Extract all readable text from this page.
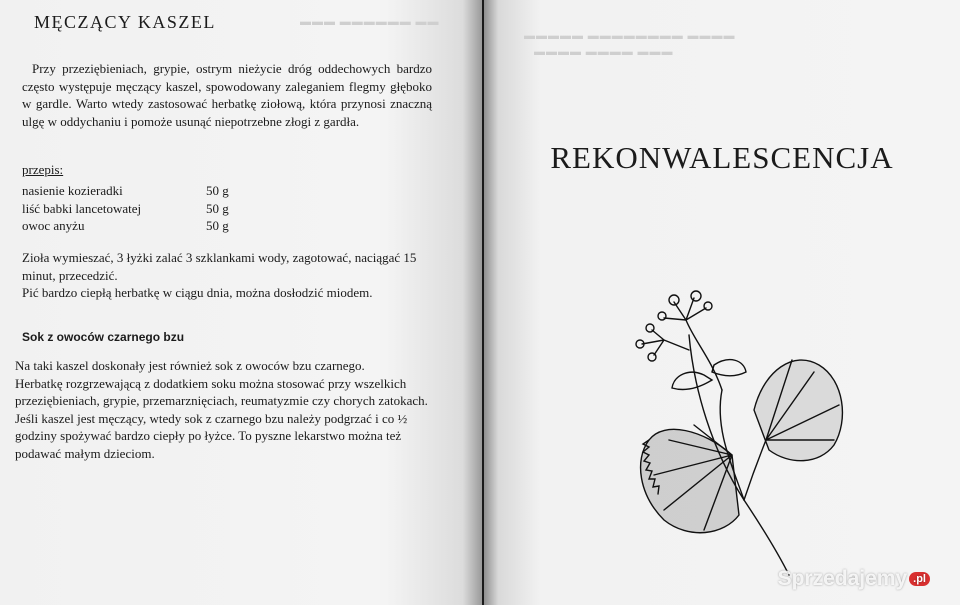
▬▬▬ ▬▬▬▬▬▬ ▬▬
MĘCZĄCY KASZEL

Przy przeziębieniach, grypie, ostrym nieżycie dróg oddechowych bardzo często występuje męczący kaszel, spowodowany zaleganiem flegmy głęboko w gardle. Warto wtedy zastosować herbatkę ziołową, która przynosi znaczną ulgę w oddychaniu i pomoże usunąć niepotrzebne złogi z gardła.

przepis:
nasienie kozieradki	50 g
liść babki lancetowatej	50 g
owoc anyżu	50 g

Zioła wymieszać, 3 łyżki zalać 3 szklankami wody, zagotować, naciągać 15 minut, przecedzić.
Pić bardzo ciepłą herbatkę w ciągu dnia, można dosłodzić miodem.

Sok z owoców czarnego bzu

Na taki kaszel doskonały jest również sok z owoców bzu czarnego.
Herbatkę rozgrzewającą z dodatkiem soku można stosować przy wszelkich przeziębieniach, grypie, przemarznięciach, reumatyzmie czy chorych zatokach.
Jeśli kaszel jest męczący, wtedy sok z czarnego bzu należy podgrzać i co ½ godziny spożywać bardzo ciepły po łyżce. To pyszne lekarstwo można też podawać małym dzieciom.

▬▬▬▬▬ ▬▬▬▬▬▬▬▬ ▬▬▬▬
▬▬▬▬ ▬▬▬▬ ▬▬▬
REKONWALESCENCJA
Sprzedajemy .pl
